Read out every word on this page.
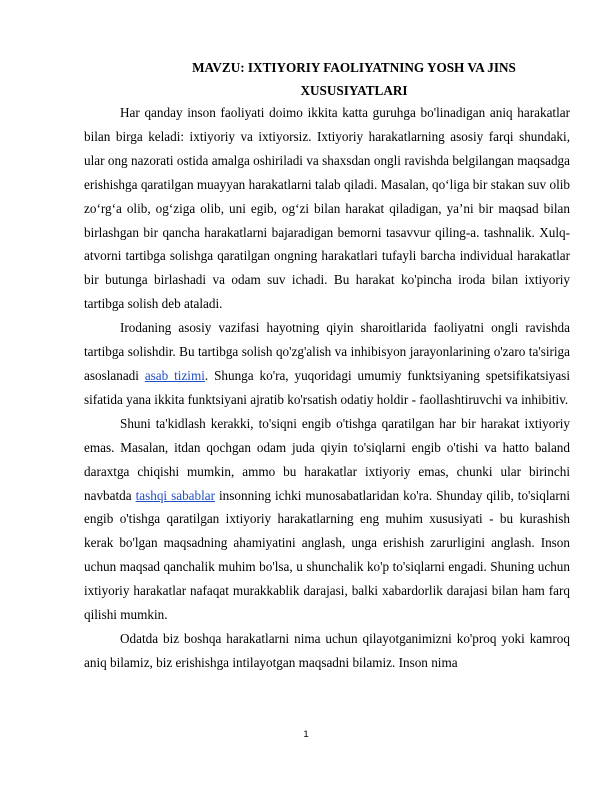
MAVZU: IXTIYORIY FAOLIYATNING YOSH VA JINS
XUSUSIYATLARI

Har qanday inson faoliyati doimo ikkita katta guruhga bo'linadigan aniq harakatlar bilan birga keladi: ixtiyoriy va ixtiyorsiz. Ixtiyoriy harakatlarning asosiy farqi shundaki, ular ong nazorati ostida amalga oshiriladi va shaxsdan ongli ravishda belgilangan maqsadga erishishga qaratilgan muayyan harakatlarni talab qiladi. Masalan, qo‘liga bir stakan suv olib zo‘rg‘a olib, og‘ziga olib, uni egib, og‘zi bilan harakat qiladigan, ya’ni bir maqsad bilan birlashgan bir qancha harakatlarni bajaradigan bemorni tasavvur qiling-a. tashnalik. Xulq-atvorni tartibga solishga qaratilgan ongning harakatlari tufayli barcha individual harakatlar bir butunga birlashadi va odam suv ichadi. Bu harakat ko'pincha iroda bilan ixtiyoriy tartibga solish deb ataladi.

Irodaning asosiy vazifasi hayotning qiyin sharoitlarida faoliyatni ongli ravishda tartibga solishdir. Bu tartibga solish qo'zg'alish va inhibisyon jarayonlarining o'zaro ta'siriga asoslanadi asab tizimi. Shunga ko'ra, yuqoridagi umumiy funktsiyaning spetsifikatsiyasi sifatida yana ikkita funktsiyani ajratib ko'rsatish odatiy holdir - faollashtiruvchi va inhibitiv.

Shuni ta'kidlash kerakki, to'siqni engib o'tishga qaratilgan har bir harakat ixtiyoriy emas. Masalan, itdan qochgan odam juda qiyin to'siqlarni engib o'tishi va hatto baland daraxtga chiqishi mumkin, ammo bu harakatlar ixtiyoriy emas, chunki ular birinchi navbatda tashqi sabablar insonning ichki munosabatlaridan ko'ra. Shunday qilib, to'siqlarni engib o'tishga qaratilgan ixtiyoriy harakatlarning eng muhim xususiyati - bu kurashish kerak bo'lgan maqsadning ahamiyatini anglash, unga erishish zarurligini anglash. Inson uchun maqsad qanchalik muhim bo'lsa, u shunchalik ko'p to'siqlarni engadi. Shuning uchun ixtiyoriy harakatlar nafaqat murakkablik darajasi, balki xabardorlik darajasi bilan ham farq qilishi mumkin.

Odatda biz boshqa harakatlarni nima uchun qilayotganimizni ko'proq yoki kamroq aniq bilamiz, biz erishishga intilayotgan maqsadni bilamiz. Inson nima

1
